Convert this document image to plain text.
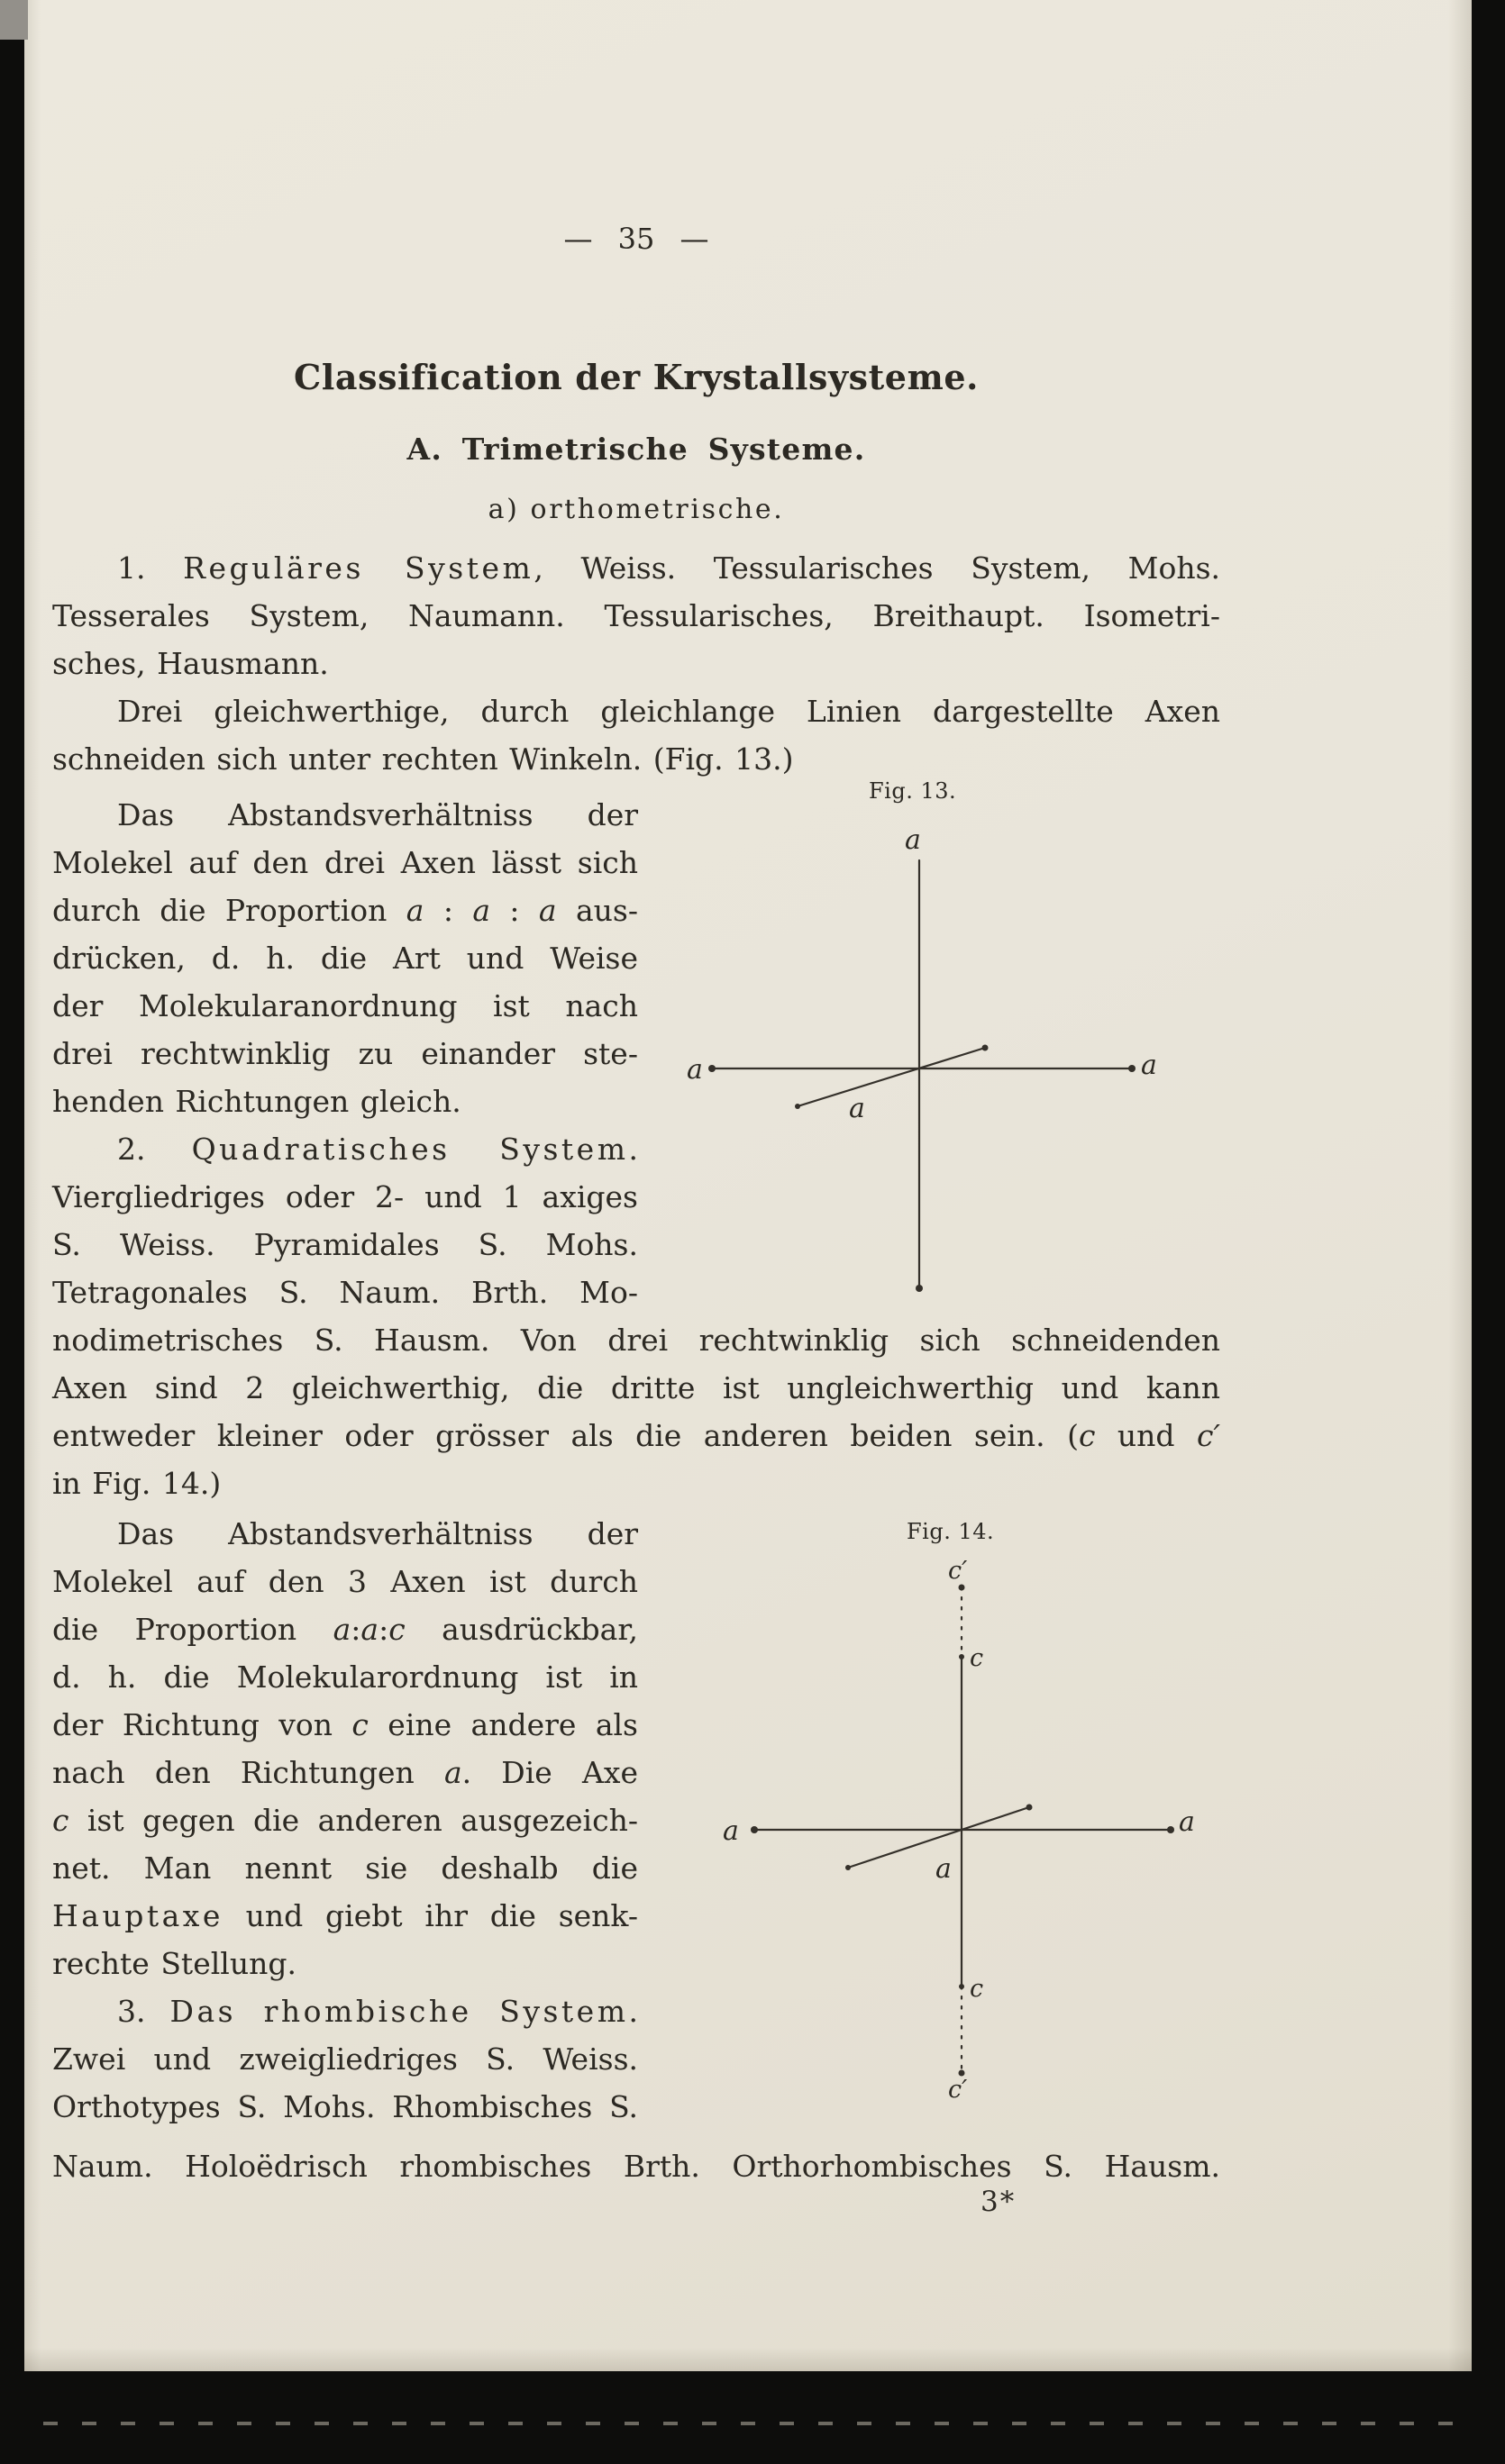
— 35 —
Classification der Krystallsysteme.
A. Trimetrische Systeme.
a) orthometrische.
1. Reguläres System, Weiss. Tessularisches System, Mohs.
Tesserales System, Naumann. Tessularisches, Breithaupt. Isometri-
sches, Hausmann.
Drei gleichwerthige, durch gleichlange Linien dargestellte Axen
schneiden sich unter rechten Winkeln. (Fig. 13.)
Das Abstandsverhältniss der
Molekel auf den drei Axen lässt sich
durch die Proportion a : a : a aus-
drücken, d. h. die Art und Weise
der Molekularanordnung ist nach
drei rechtwinklig zu einander ste-
henden Richtungen gleich.
2. Quadratisches System.
Viergliedriges oder 2- und 1 axiges
S. Weiss. Pyramidales S. Mohs.
Tetragonales S. Naum. Brth. Mo-
nodimetrisches S. Hausm. Von drei rechtwinklig sich schneidenden
Axen sind 2 gleichwerthig, die dritte ist ungleichwerthig und kann
entweder kleiner oder grösser als die anderen beiden sein. (c und c′
in Fig. 14.)
Das Abstandsverhältniss der
Molekel auf den 3 Axen ist durch
die Proportion a:a:c ausdrückbar,
d. h. die Molekularordnung ist in
der Richtung von c eine andere als
nach den Richtungen a. Die Axe
c ist gegen die anderen ausgezeich-
net. Man nennt sie deshalb die
Hauptaxe und giebt ihr die senk-
rechte Stellung.
3. Das rhombische System.
Zwei und zweigliedriges S. Weiss.
Orthotypes S. Mohs. Rhombisches S.
Naum. Holoëdrisch rhombisches Brth. Orthorhombisches S. Hausm.
3*
Fig. 13.
a
a	a
a
Fig. 14.
c′
c
a	a
a
c
c′
